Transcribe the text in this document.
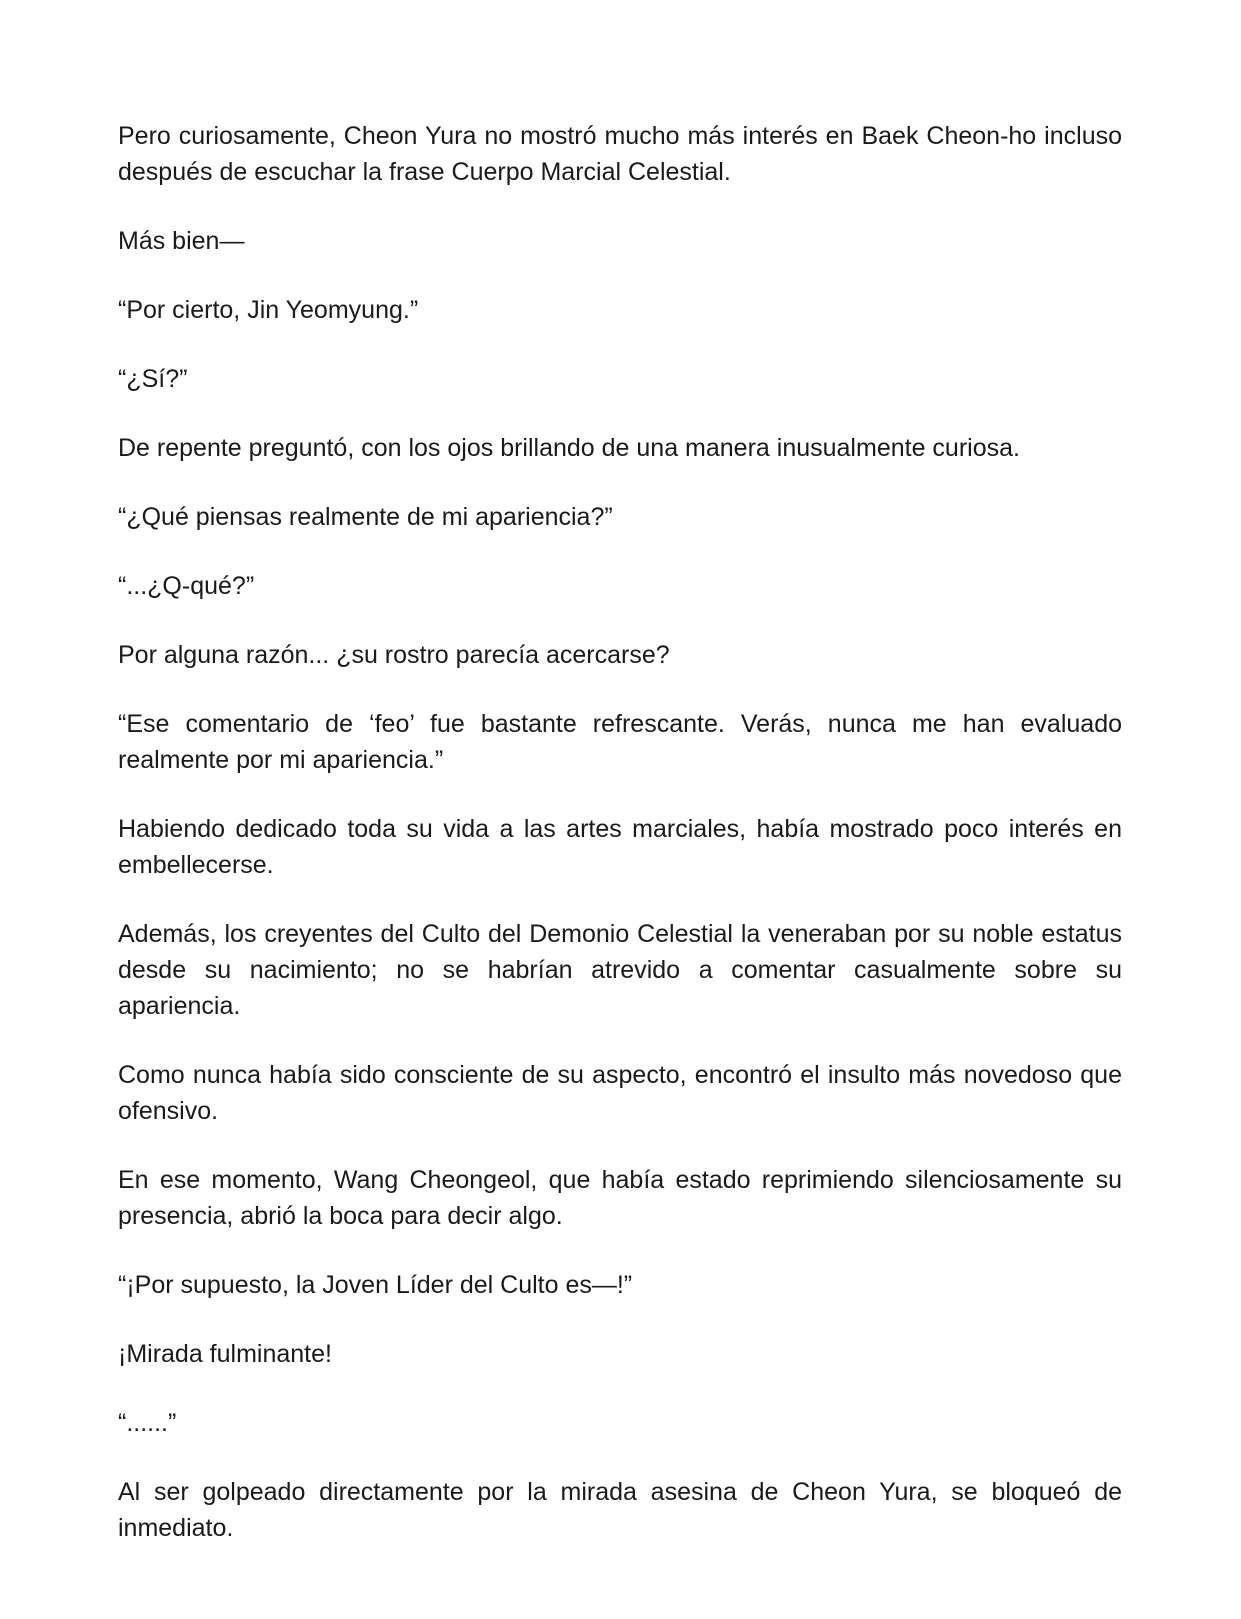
Pero curiosamente, Cheon Yura no mostró mucho más interés en Baek Cheon-ho incluso después de escuchar la frase Cuerpo Marcial Celestial.

Más bien—

“Por cierto, Jin Yeomyung.”

“¿Sí?”

De repente preguntó, con los ojos brillando de una manera inusualmente curiosa.

“¿Qué piensas realmente de mi apariencia?”

“...¿Q-qué?”

Por alguna razón... ¿su rostro parecía acercarse?

“Ese comentario de ‘feo’ fue bastante refrescante. Verás, nunca me han evaluado realmente por mi apariencia.”

Habiendo dedicado toda su vida a las artes marciales, había mostrado poco interés en embellecerse.

Además, los creyentes del Culto del Demonio Celestial la veneraban por su noble estatus desde su nacimiento; no se habrían atrevido a comentar casualmente sobre su apariencia.

Como nunca había sido consciente de su aspecto, encontró el insulto más novedoso que ofensivo.

En ese momento, Wang Cheongeol, que había estado reprimiendo silenciosamente su presencia, abrió la boca para decir algo.

“¡Por supuesto, la Joven Líder del Culto es—!”

¡Mirada fulminante!

“......”

Al ser golpeado directamente por la mirada asesina de Cheon Yura, se bloqueó de inmediato.
